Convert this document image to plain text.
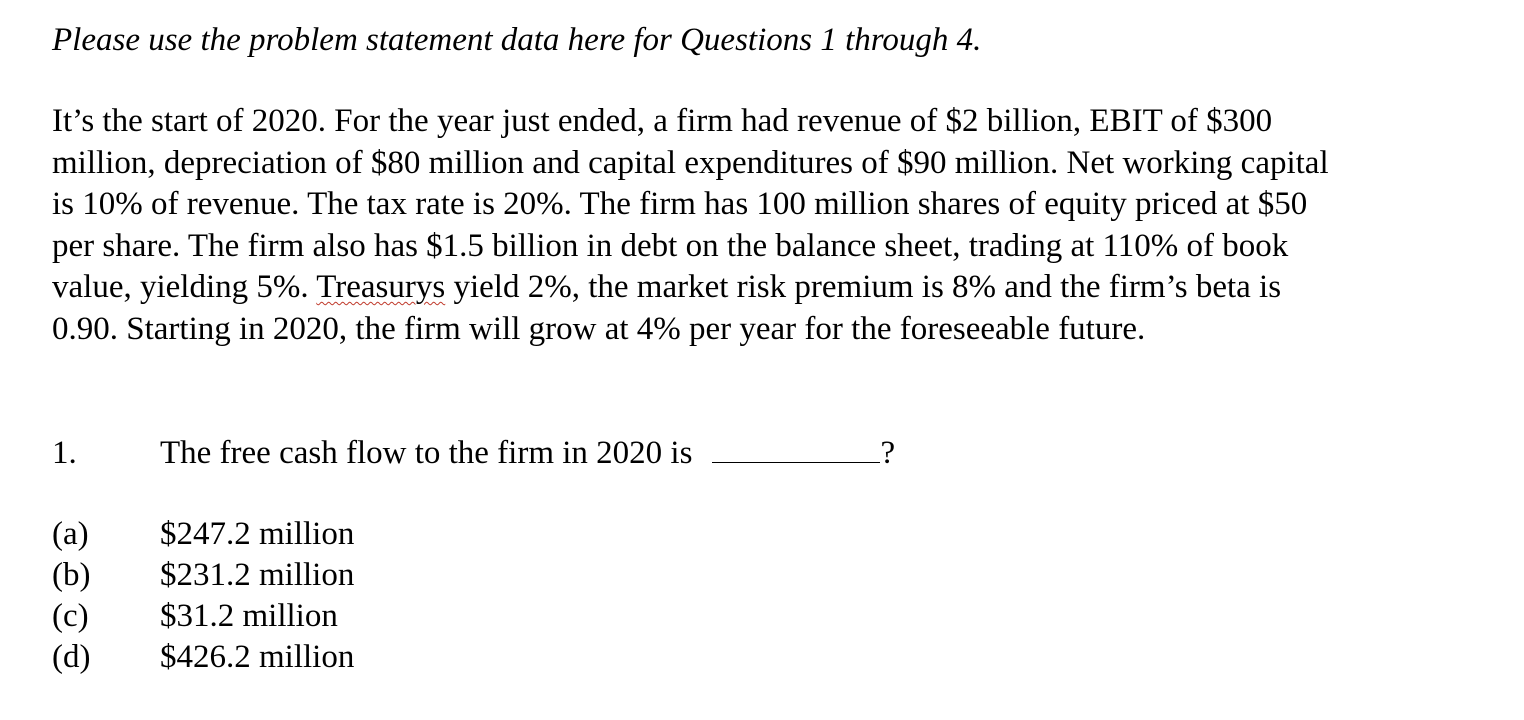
Please use the problem statement data here for Questions 1 through 4.
It’s the start of 2020. For the year just ended, a firm had revenue of $2 billion, EBIT of $300
million, depreciation of $80 million and capital expenditures of $90 million. Net working capital
is 10% of revenue. The tax rate is 20%. The firm has 100 million shares of equity priced at $50
per share. The firm also has $1.5 billion in debt on the balance sheet, trading at 110% of book
value, yielding 5%. Treasurys yield 2%, the market risk premium is 8% and the firm’s beta is
0.90. Starting in 2020, the firm will grow at 4% per year for the foreseeable future.
1.	The free cash flow to the firm in 2020 is	?
(a) $247.2 million
(b) $231.2 million
(c) $31.2 million
(d) $426.2 million
